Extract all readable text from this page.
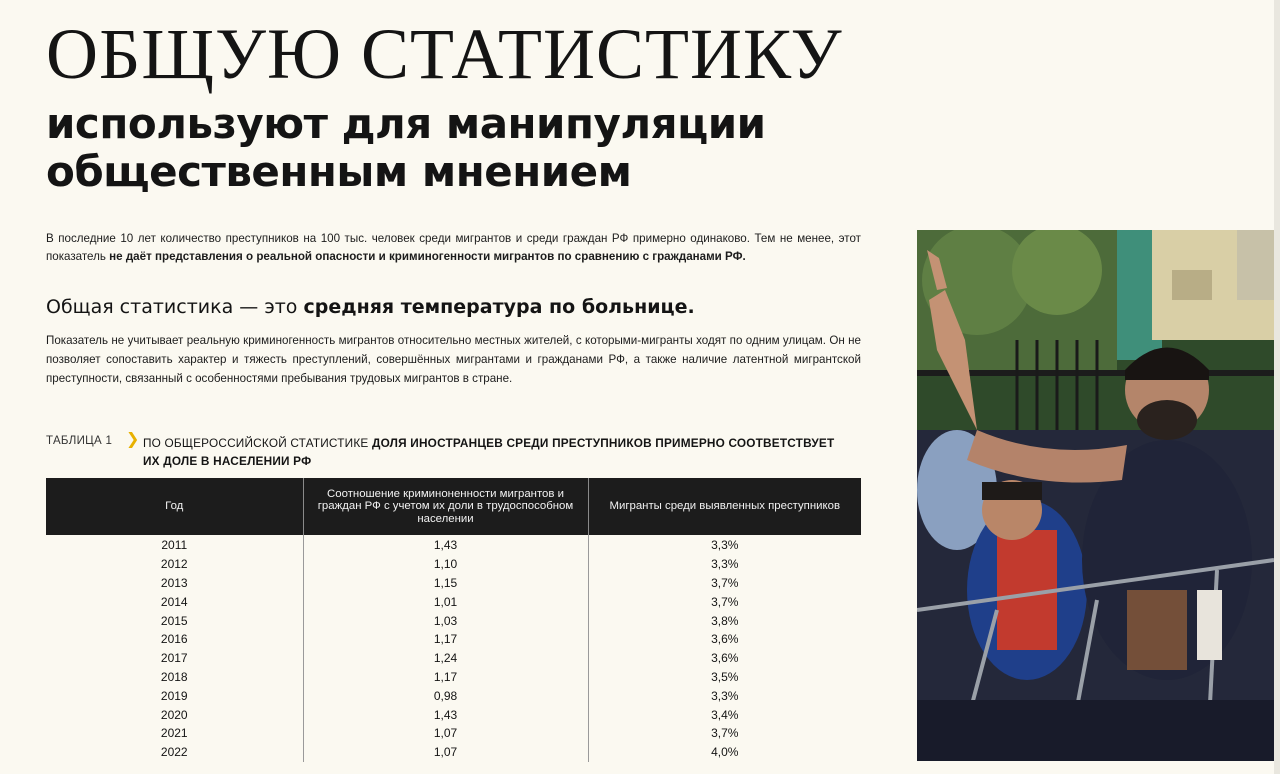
ОБЩУЮ СТАТИСТИКУ
используют для манипуляции
общественным мнением

В последние 10 лет количество преступников на 100 тыс. человек среди мигрантов и среди граждан РФ примерно одинаково. Тем не менее, этот показатель не даёт представления о реальной опасности и криминогенности мигрантов по сравнению с гражданами РФ.

Общая статистика — это средняя температура по больнице.

Показатель не учитывает реальную криминогенность мигрантов относительно местных жителей, с которыми-мигранты ходят по одним улицам. Он не позволяет сопоставить характер и тяжесть преступлений, совершённых мигрантами и гражданами РФ, а также наличие латентной мигрантской преступности, связанный с особенностями пребывания трудовых мигрантов в стране.

ТАБЛИЦА 1 ❯ ПО ОБЩЕРОССИЙСКОЙ СТАТИСТИКЕ ДОЛЯ ИНОСТРАНЦЕВ СРЕДИ ПРЕСТУПНИКОВ ПРИМЕРНО СООТВЕТСТВУЕТ ИХ ДОЛЕ В НАСЕЛЕНИИ РФ
Год	Соотношение криминоненности мигрантов и граждан РФ с учетом их доли в трудоспособном населении	Мигранты среди выявленных преступников
2011	1,43	3,3%
2012	1,10	3,3%
2013	1,15	3,7%
2014	1,01	3,7%
2015	1,03	3,8%
2016	1,17	3,6%
2017	1,24	3,6%
2018	1,17	3,5%
2019	0,98	3,3%
2020	1,43	3,4%
2021	1,07	3,7%
2022	1,07	4,0%
